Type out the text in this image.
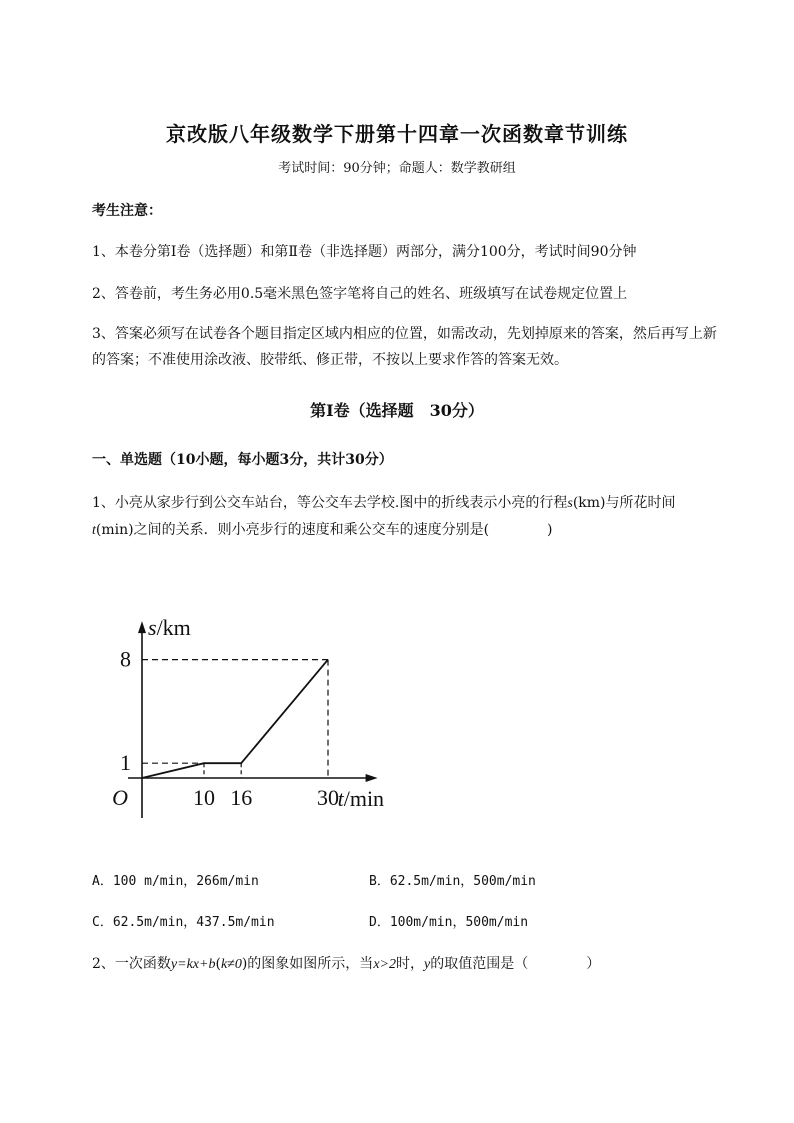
京改版八年级数学下册第十四章一次函数章节训练
考试时间：90分钟；命题人：数学教研组
考生注意：
1、本卷分第Ⅰ卷（选择题）和第Ⅱ卷（非选择题）两部分，满分100分，考试时间90分钟
2、答卷前，考生务必用0.5毫米黑色签字笔将自己的姓名、班级填写在试卷规定位置上
3、答案必须写在试卷各个题目指定区域内相应的位置，如需改动，先划掉原来的答案，然后再写上新的答案；不准使用涂改液、胶带纸、修正带，不按以上要求作答的答案无效。
第Ⅰ卷（选择题　30分）
一、单选题（10小题，每小题3分，共计30分）
1、小亮从家步行到公交车站台，等公交车去学校.图中的折线表示小亮的行程s(km)与所花时间
t(min)之间的关系．则小亮步行的速度和乘公交车的速度分别是(	)
10 16	30
1
8
O	t/min
s/km
A．100 m/min，266m/min	B．62.5m/min，500m/min
C．62.5m/min，437.5m/min	D．100m/min，500m/min
2、一次函数y=kx+b(k≠0)的图象如图所示，当x>2时，y的取值范围是（	）
